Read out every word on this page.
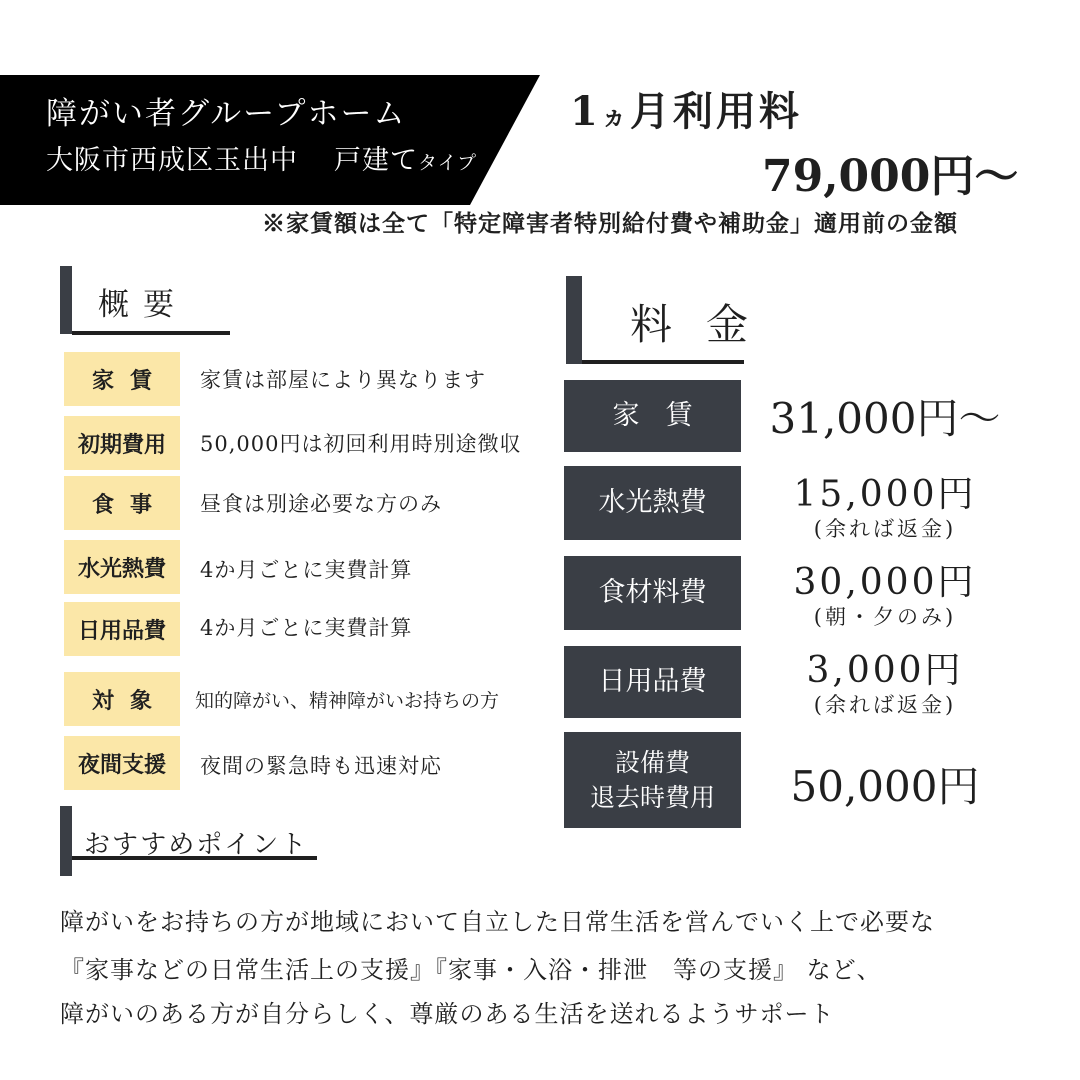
障がい者グループホーム
大阪市西成区玉出中 戸建てタイプ
1ヵ月利用料
79,000円～
※家賃額は全て「特定障害者特別給付費や補助金」適用前の金額
概要
家賃	家賃は部屋により異なります
初期費用	50,000円は初回利用時別途徴収
食事	昼食は別途必要な方のみ
水光熱費	4か月ごとに実費計算
日用品費	4か月ごとに実費計算
対象	知的障がい、精神障がいお持ちの方
夜間支援	夜間の緊急時も迅速対応
料金
家賃	31,000円～
水光熱費	15,000円
(余れば返金)
食材料費	30,000円
(朝・夕のみ)
日用品費	3,000円
(余れば返金)
設備費
退去時費用	50,000円
おすすめポイント
障がいをお持ちの方が地域において自立した日常生活を営んでいく上で必要な
『家事などの日常生活上の支援』『家事・入浴・排泄　等の支援』 など、
障がいのある方が自分らしく、尊厳のある生活を送れるようサポート
